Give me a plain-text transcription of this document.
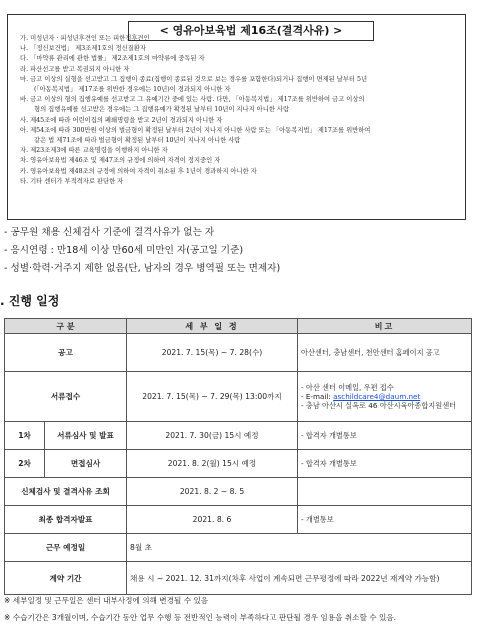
< 영유아보육법 제16조(결격사유) >
가. 미성년자 · 피성년후견인 또는 피한정후견인
나. 「정신보건법」 제3조제1호의 정신질환자
다. 「마약류 관리에 관한 법률」 제2조제1호의 마약류에 중독된 자
라. 파산선고를 받고 복권되지 아니한 자
마. 금고 이상의 실형을 선고받고 그 집행이 종료(집행이 종료된 것으로 보는 경우를 포함한다)되거나 집행이 면제된 날부터 5년
(「아동복지법」 제17조를 위반한 경우에는 10년)이 경과되지 아니한 자
바. 금고 이상의 형의 집행유예를 선고받고 그 유예기간 중에 있는 사람. 다만, 「아동복지법」 제17조를 위반하여 금고 이상의
형의 집행유예를 선고받은 경우에는 그 집행유예가 확정된 날부터 10년이 지나지 아니한 사람
사. 제45조에 따라 어린이집의 폐쇄명령을 받고 2년이 경과되지 아니한 자
아. 제54조에 따라 300만원 이상의 벌금형이 확정된 날부터 2년이 지나지 아니한 사람 또는 「아동복지법」 제17조를 위반하여
같은 법 제71조에 따라 벌금형이 확정된 날부터 10년이 지나지 아니한 사람
자. 제23조제3에 따른 교육명령을 이행하지 아니한 자
차. 영유아보육법 제46조 및 제47조의 규정에 의하여 자격이 정지중인 자
카. 영유아보육법 제48조의 규정에 의하여 자격이 취소된 후 1년이 경과하지 아니한 자
타. 기타 센터가 부적격자로 판단한 자
- 공무원 채용 신체검사 기준에 결격사유가 없는 자
- 응시연령 : 만18세 이상 만60세 미만인 자(공고일 기준)
- 성별·학력·거주지 제한 없음(단, 남자의 경우 병역필 또는 면제자)
. 진행 일정
구 분		세 부 일 정	비고
공고		2021. 7. 15(목) ~ 7. 28(수)	아산센터, 충남센터, 천안센터 홈페이지 공고

서류접수		2021. 7. 15(목) ~ 7. 29(목) 13:00까지	- 아산 센터 이메일, 우편 접수
- E-mail: aschildcare4@daum.net
- 충남 아산시 실옥로 46 아산시육아종합지원센터

1차	서류심사 및 발표	2021. 7. 30(금) 15시 예정	- 합격자 개별통보

2차	면접심사	2021. 8. 2(월) 15시 예정	- 합격자 개별통보

신체검사 및 결격사유 조회		2021. 8. 2 ~ 8. 5	

최종 합격자발표		2021. 8. 6	- 개별통보

근무 예정일		8월 초	
계약 기간		채용 시 ~ 2021. 12. 31까지(차후 사업이 계속되면 근무평정에 따라 2022년 재계약 가능함)	
※ 세부일정 및 근무일은 센터 내부사정에 의해 변경될 수 있음
※ 수습기간은 3개월이며, 수습기간 동안 업무 수행 등 전반적인 능력이 부족하다고 판단될 경우 임용을 취소할 수 있음.
